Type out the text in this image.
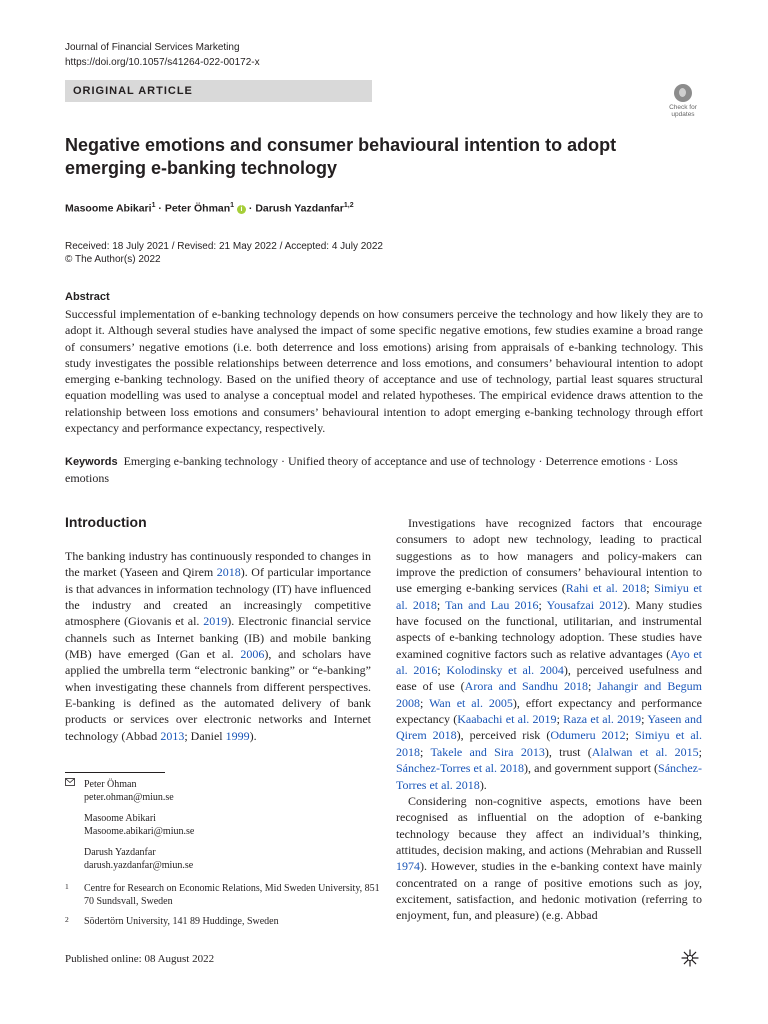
Journal of Financial Services Marketing
https://doi.org/10.1057/s41264-022-00172-x
ORIGINAL ARTICLE
Check for
updates
Negative emotions and consumer behavioural intention to adopt emerging e-banking technology
Masoome Abikari$^1$ · Peter Öhman$^1$ i · Darush Yazdanfar$^{1,2}$
Received: 18 July 2021 / Revised: 21 May 2022 / Accepted: 4 July 2022
© The Author(s) 2022
Abstract

Successful implementation of e-banking technology depends on how consumers perceive the technology and how likely they are to adopt it. Although several studies have analysed the impact of some specific negative emotions, few studies examine a broad range of consumers’ negative emotions (i.e. both deterrence and loss emotions) arising from appraisals of e-banking technology. This study investigates the possible relationships between deterrence and loss emotions, and consumers’ behavioural intention to adopt emerging e-banking technology. Based on the unified theory of acceptance and use of technology, partial least squares structural equation modelling was used to analyse a conceptual model and related hypotheses. The empirical evidence draws attention to the relationship between loss emotions and consumers’ behavioural intention to adopt emerging e-banking technology through effort expectancy and performance expectancy, respectively.

Keywords Emerging e-banking technology · Unified theory of acceptance and use of technology · Deterrence emotions · Loss emotions

Introduction
The banking industry has continuously responded to changes in the market (Yaseen and Qirem 2018). Of particular importance is that advances in information technology (IT) have influenced the industry and created an increasingly competitive atmosphere (Giovanis et al. 2019). Electronic financial service channels such as Internet banking (IB) and mobile banking (MB) have emerged (Gan et al. 2006), and scholars have applied the umbrella term “electronic banking” or “e-banking” when investigating these channels from different perspectives. E-banking is defined as the automated delivery of bank products or services over electronic networks and Internet technology (Abbad 2013; Daniel 1999).

Investigations have recognized factors that encourage consumers to adopt new technology, leading to practical suggestions as to how managers and policy-makers can improve the prediction of consumers’ behavioural intention to use emerging e-banking services (Rahi et al. 2018; Simiyu et al. 2018; Tan and Lau 2016; Yousafzai 2012). Many studies have focused on the functional, utilitarian, and instrumental aspects of e-banking technology adoption. These studies have examined cognitive factors such as relative advantages (Ayo et al. 2016; Kolodinsky et al. 2004), perceived usefulness and ease of use (Arora and Sandhu 2018; Jahangir and Begum 2008; Wan et al. 2005), effort expectancy and performance expectancy (Kaabachi et al. 2019; Raza et al. 2019; Yaseen and Qirem 2018), perceived risk (Odumeru 2012; Simiyu et al. 2018; Takele and Sira 2013), trust (Alalwan et al. 2015; Sánchez-Torres et al. 2018), and government support (Sánchez-Torres et al. 2018).

Considering non-cognitive aspects, emotions have been recognised as influential on the adoption of e-banking technology because they affect an individual’s thinking, attitudes, decision making, and actions (Mehrabian and Russell 1974). However, studies in the e-banking context have mainly concentrated on a range of positive emotions such as joy, excitement, satisfaction, and hedonic motivation (referring to enjoyment, fun, and pleasure) (e.g. Abbad

Peter Öhman
peter.ohman@miun.se
Masoome Abikari
Masoome.abikari@miun.se
Darush Yazdanfar
darush.yazdanfar@miun.se
1 Centre for Research on Economic Relations, Mid Sweden University, 851 70 Sundsvall, Sweden
2 Södertörn University, 141 89 Huddinge, Sweden
Published online: 08 August 2022
